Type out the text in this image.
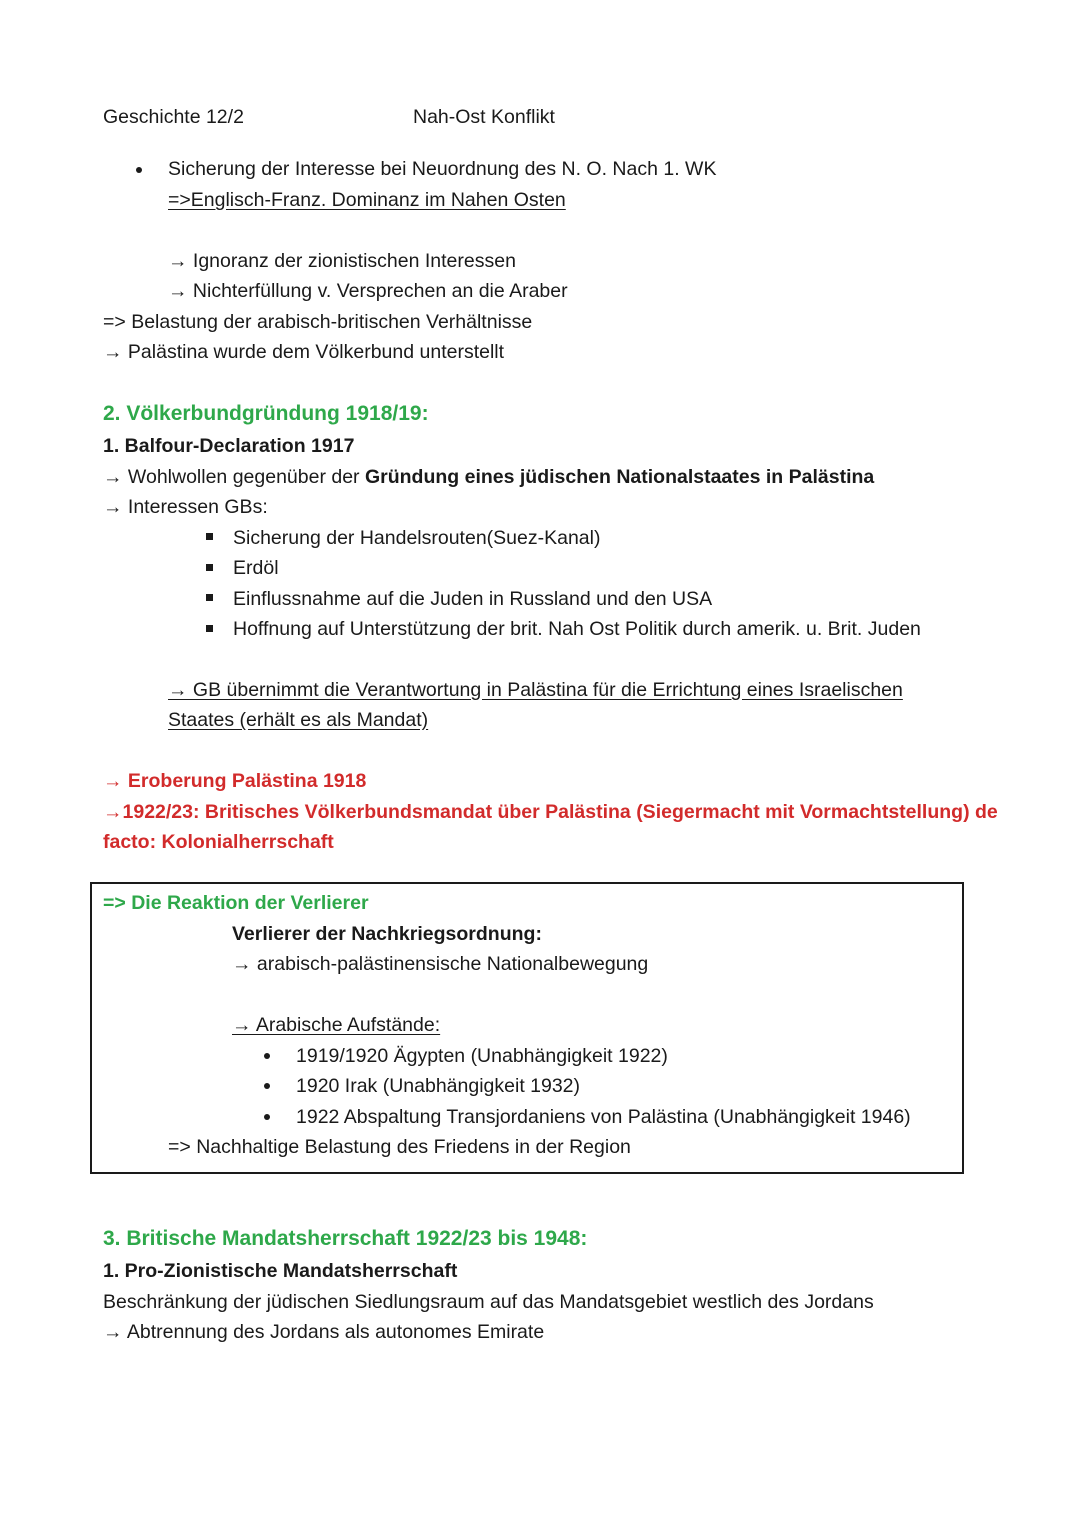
Geschichte 12/2	Nah-Ost Konflikt
Sicherung der Interesse bei Neuordnung des N. O. Nach 1. WK
=>Englisch-Franz. Dominanz im Nahen Osten
→ Ignoranz der zionistischen Interessen
→ Nichterfüllung v. Versprechen an die Araber
=> Belastung der arabisch-britischen Verhältnisse
→ Palästina wurde dem Völkerbund unterstellt
2. Völkerbundgründung 1918/19:
1. Balfour-Declaration 1917
→ Wohlwollen gegenüber der Gründung eines jüdischen Nationalstaates in Palästina
→ Interessen GBs:
Sicherung der Handelsrouten(Suez-Kanal)
Erdöl
Einflussnahme auf die Juden in Russland und den USA
Hoffnung auf Unterstützung der brit. Nah Ost Politik durch amerik. u. Brit. Juden
→ GB übernimmt die Verantwortung in Palästina für die Errichtung eines Israelischen
Staates (erhält es als Mandat)
→ Eroberung Palästina 1918
→1922/23: Britisches Völkerbundsmandat über Palästina (Siegermacht mit Vormachtstellung) de
facto: Kolonialherrschaft
=> Die Reaktion der Verlierer
Verlierer der Nachkriegsordnung:
→ arabisch-palästinensische Nationalbewegung
→ Arabische Aufstände:
1919/1920 Ägypten (Unabhängigkeit 1922)
1920 Irak (Unabhängigkeit 1932)
1922 Abspaltung Transjordaniens von Palästina (Unabhängigkeit 1946)
=> Nachhaltige Belastung des Friedens in der Region
3. Britische Mandatsherrschaft 1922/23 bis 1948:
1. Pro-Zionistische Mandatsherrschaft
Beschränkung der jüdischen Siedlungsraum auf das Mandatsgebiet westlich des Jordans
→ Abtrennung des Jordans als autonomes Emirate
